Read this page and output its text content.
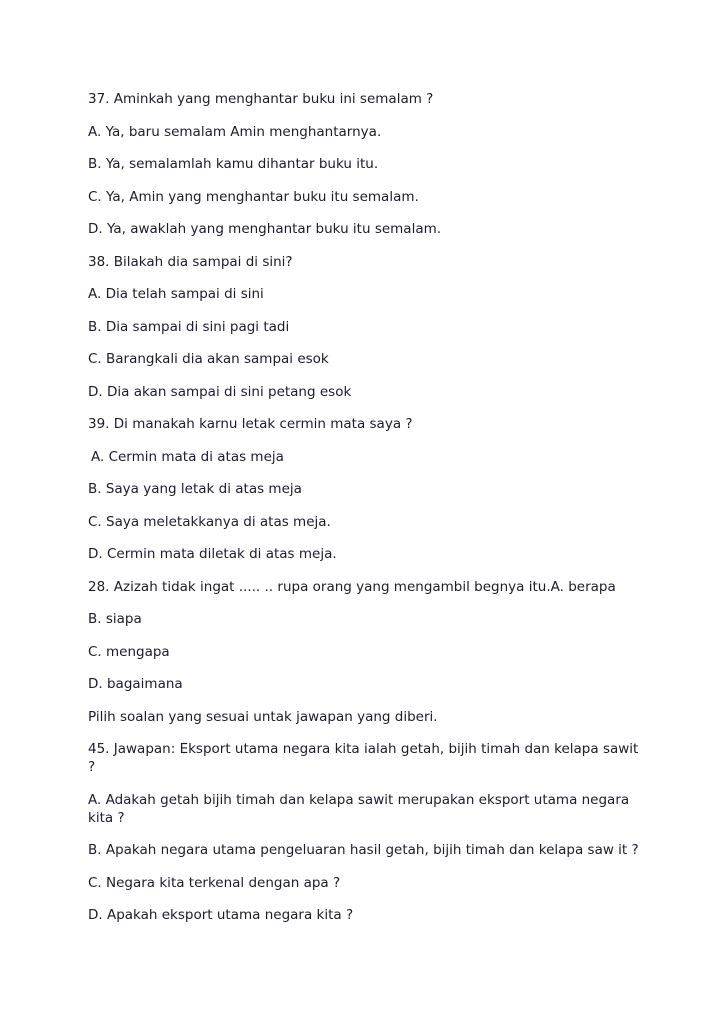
37. Aminkah yang menghantar buku ini semalam ?
A. Ya, baru semalam Amin menghantarnya.
B. Ya, semalamlah kamu dihantar buku itu.
C. Ya, Amin yang menghantar buku itu semalam.
D. Ya, awaklah yang menghantar buku itu semalam.
38. Bilakah dia sampai di sini?
A. Dia telah sampai di sini
B. Dia sampai di sini pagi tadi
C. Barangkali dia akan sampai esok
D. Dia akan sampai di sini petang esok
39. Di manakah karnu letak cermin mata saya ?
A. Cermin mata di atas meja
B. Saya yang letak di atas meja
C. Saya meletakkanya di atas meja.
D. Cermin mata diletak di atas meja.
28. Azizah tidak ingat ..... .. rupa orang yang mengambil begnya itu.A. berapa
B. siapa
C. mengapa
D. bagaimana
Pilih soalan yang sesuai untak jawapan yang diberi.
45. Jawapan: Eksport utama negara kita ialah getah, bijih timah dan kelapa sawit ?
A. Adakah getah bijih timah dan kelapa sawit merupakan eksport utama negara kita ?
B. Apakah negara utama pengeluaran hasil getah, bijih timah dan kelapa saw it ?
C. Negara kita terkenal dengan apa ?
D. Apakah eksport utama negara kita ?
